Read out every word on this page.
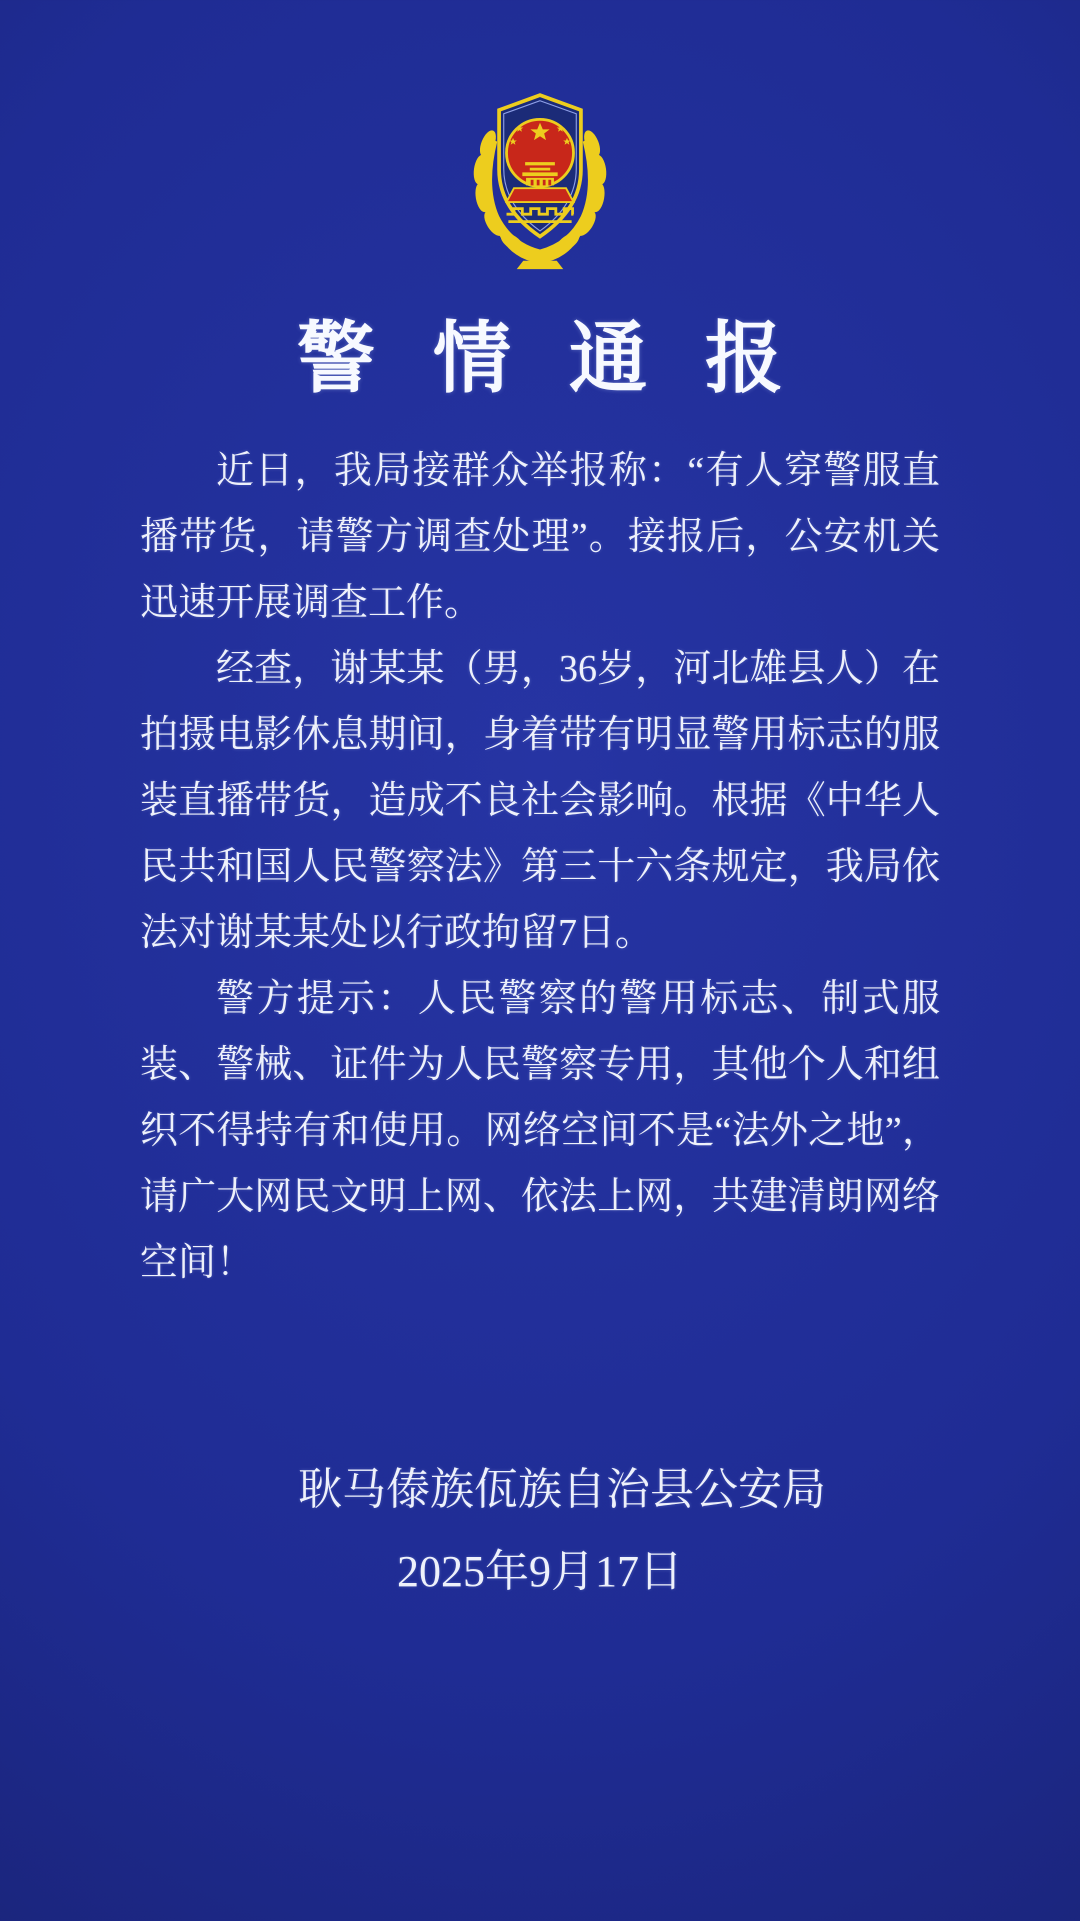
警情通报

近日，我局接群众举报称：“有人穿警服直播带货，请警方调查处理”。接报后，公安机关迅速开展调查工作。

经查，谢某某（男，36岁，河北雄县人）在拍摄电影休息期间，身着带有明显警用标志的服装直播带货，造成不良社会影响。根据《中华人民共和国人民警察法》第三十六条规定，我局依法对谢某某处以行政拘留7日。

警方提示：人民警察的警用标志、制式服装、警械、证件为人民警察专用，其他个人和组织不得持有和使用。网络空间不是“法外之地”，请广大网民文明上网、依法上网，共建清朗网络空间！

耿马傣族佤族自治县公安局
2025年9月17日
